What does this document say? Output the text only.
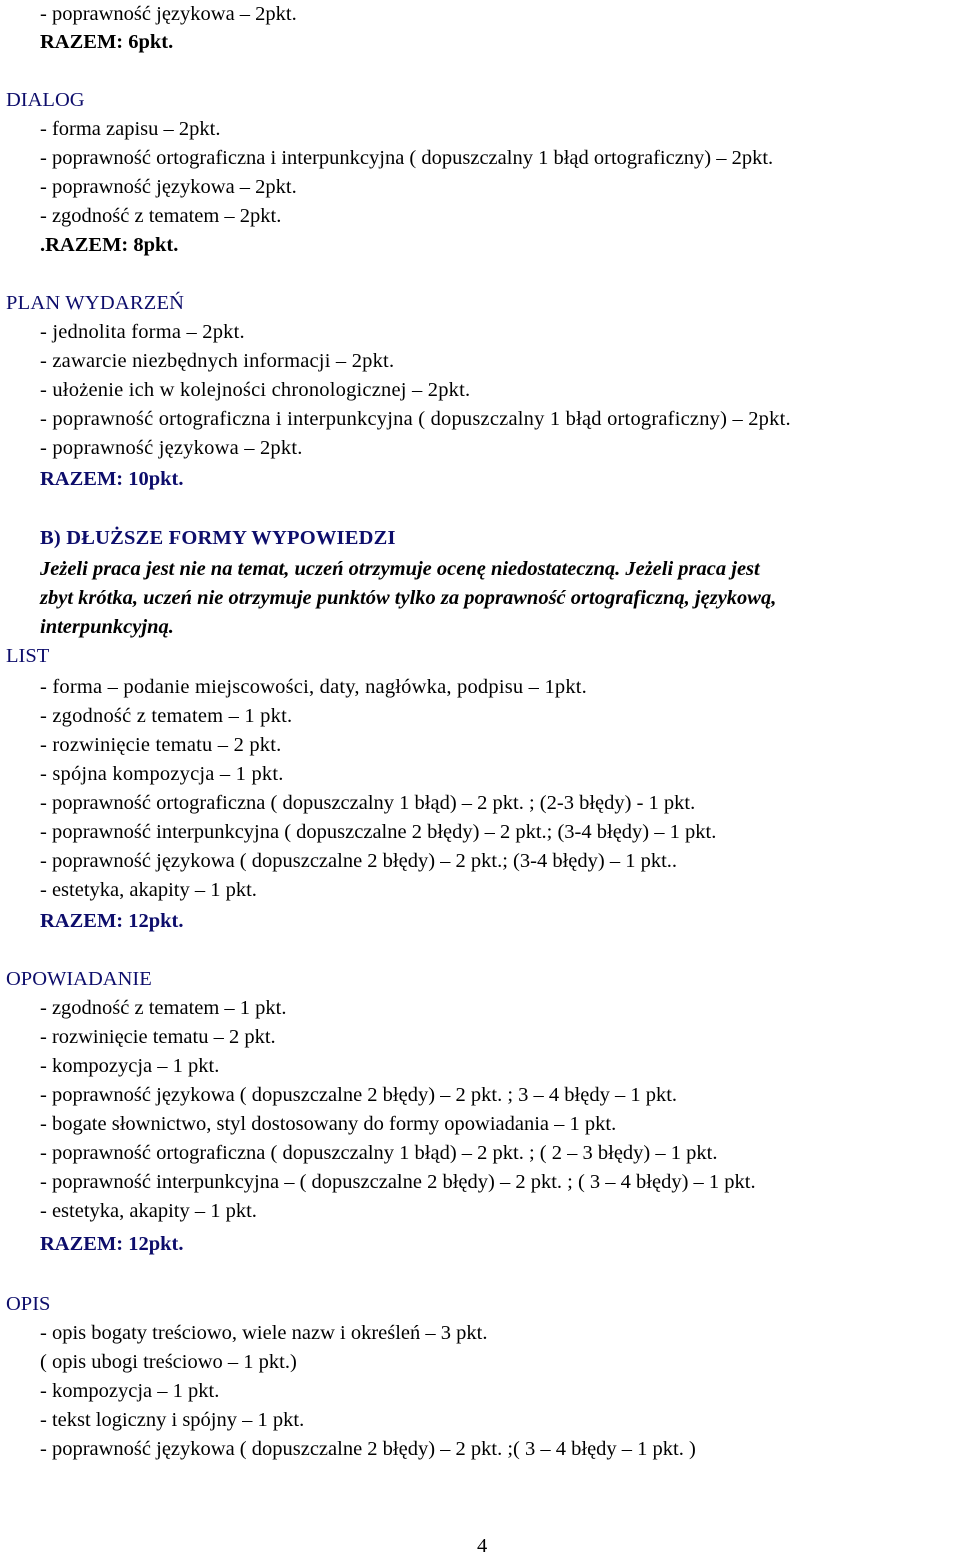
- poprawność językowa – 2pkt.
RAZEM: 6pkt.
DIALOG
- forma zapisu – 2pkt.
- poprawność ortograficzna i interpunkcyjna ( dopuszczalny 1 błąd ortograficzny) – 2pkt.
- poprawność językowa – 2pkt.
- zgodność z tematem – 2pkt.
.RAZEM: 8pkt.
PLAN WYDARZEŃ
- jednolita forma – 2pkt.
- zawarcie niezbędnych informacji – 2pkt.
- ułożenie ich w kolejności chronologicznej – 2pkt.
- poprawność ortograficzna i interpunkcyjna ( dopuszczalny 1 błąd ortograficzny) – 2pkt.
- poprawność językowa – 2pkt.
RAZEM: 10pkt.
B) DŁUŻSZE FORMY WYPOWIEDZI
Jeżeli praca jest nie na temat, uczeń otrzymuje ocenę niedostateczną. Jeżeli praca jest
zbyt krótka, uczeń nie otrzymuje punktów tylko za poprawność ortograficzną, językową,
interpunkcyjną.
LIST
- forma – podanie miejscowości, daty, nagłówka, podpisu – 1pkt.
- zgodność z tematem – 1 pkt.
- rozwinięcie tematu – 2 pkt.
- spójna kompozycja – 1 pkt.
- poprawność ortograficzna ( dopuszczalny 1 błąd) – 2 pkt. ; (2-3 błędy) - 1 pkt.
- poprawność interpunkcyjna ( dopuszczalne 2 błędy) – 2 pkt.; (3-4 błędy) – 1 pkt.
- poprawność językowa ( dopuszczalne 2 błędy) – 2 pkt.; (3-4 błędy) – 1 pkt..
- estetyka, akapity – 1 pkt.
RAZEM: 12pkt.
OPOWIADANIE
- zgodność z tematem – 1 pkt.
- rozwinięcie tematu – 2 pkt.
- kompozycja – 1 pkt.
- poprawność językowa ( dopuszczalne 2 błędy) – 2 pkt. ; 3 – 4 błędy – 1 pkt.
- bogate słownictwo, styl dostosowany do formy opowiadania – 1 pkt.
- poprawność ortograficzna ( dopuszczalny 1 błąd) – 2 pkt. ; ( 2 – 3 błędy) – 1 pkt.
- poprawność interpunkcyjna – ( dopuszczalne 2 błędy) – 2 pkt. ; ( 3 – 4 błędy) – 1 pkt.
- estetyka, akapity – 1 pkt.
RAZEM: 12pkt.
OPIS
- opis bogaty treściowo, wiele nazw i określeń – 3 pkt.
( opis ubogi treściowo – 1 pkt.)
- kompozycja – 1 pkt.
- tekst logiczny i spójny – 1 pkt.
- poprawność językowa ( dopuszczalne 2 błędy) – 2 pkt. ;( 3 – 4 błędy – 1 pkt. )
4
